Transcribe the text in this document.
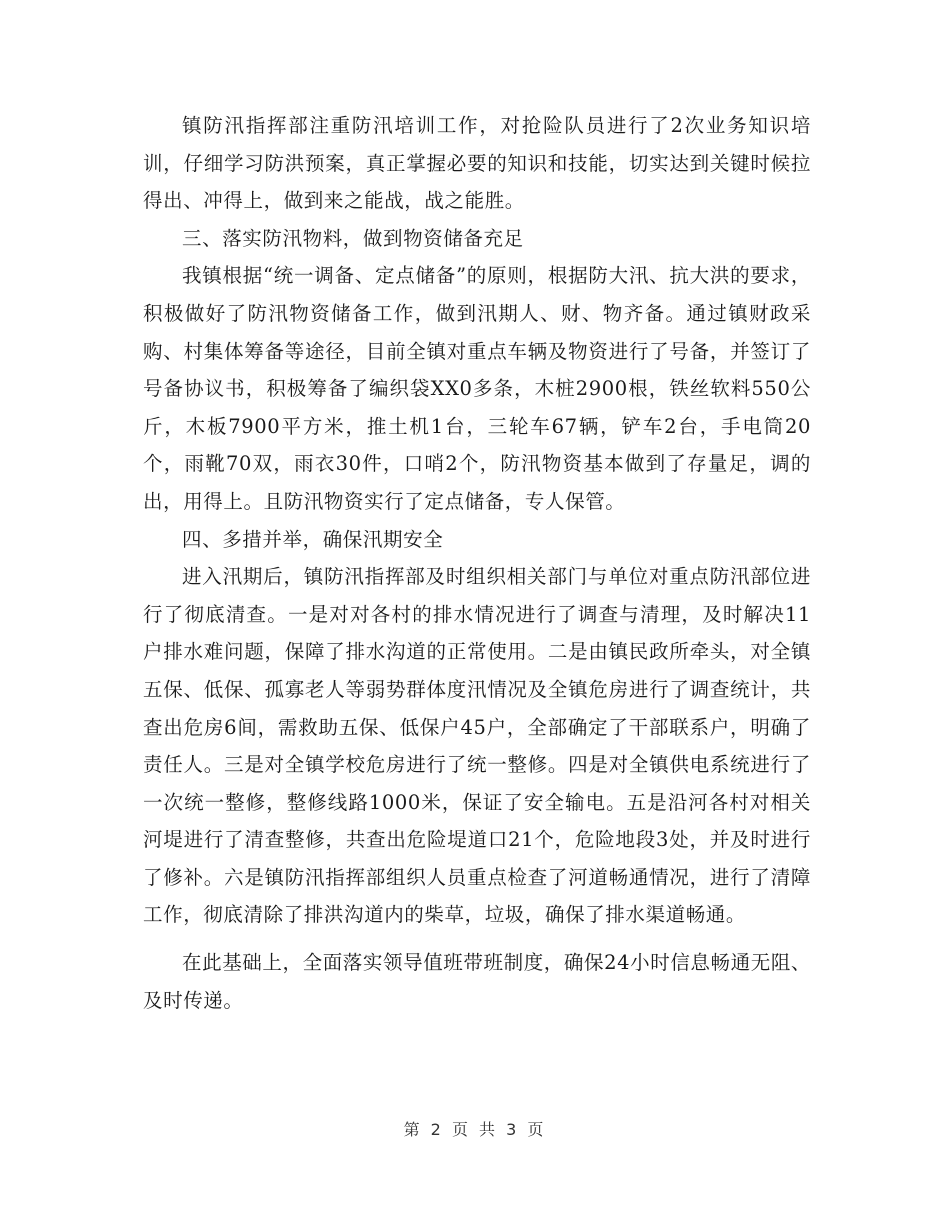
镇防汛指挥部注重防汛培训工作，对抢险队员进行了2次业务知识培训，仔细学习防洪预案，真正掌握必要的知识和技能，切实达到关键时候拉得出、冲得上，做到来之能战，战之能胜。

三、落实防汛物料，做到物资储备充足

我镇根据“统一调备、定点储备”的原则，根据防大汛、抗大洪的要求，积极做好了防汛物资储备工作，做到汛期人、财、物齐备。通过镇财政采购、村集体筹备等途径，目前全镇对重点车辆及物资进行了号备，并签订了号备协议书，积极筹备了编织袋XX0多条，木桩2900根，铁丝软料550公斤，木板7900平方米，推土机1台，三轮车67辆，铲车2台，手电筒20个，雨靴70双，雨衣30件，口哨2个，防汛物资基本做到了存量足，调的出，用得上。且防汛物资实行了定点储备，专人保管。

四、多措并举，确保汛期安全

进入汛期后，镇防汛指挥部及时组织相关部门与单位对重点防汛部位进行了彻底清查。一是对对各村的排水情况进行了调查与清理，及时解决11户排水难问题，保障了排水沟道的正常使用。二是由镇民政所牵头，对全镇五保、低保、孤寡老人等弱势群体度汛情况及全镇危房进行了调查统计，共查出危房6间，需救助五保、低保户45户，全部确定了干部联系户，明确了责任人。三是对全镇学校危房进行了统一整修。四是对全镇供电系统进行了一次统一整修，整修线路1000米，保证了安全输电。五是沿河各村对相关河堤进行了清查整修，共查出危险堤道口21个，危险地段3处，并及时进行了修补。六是镇防汛指挥部组织人员重点检查了河道畅通情况，进行了清障工作，彻底清除了排洪沟道内的柴草，垃圾，确保了排水渠道畅通。

在此基础上，全面落实领导值班带班制度，确保24小时信息畅通无阻、及时传递。

第 2 页 共 3 页
